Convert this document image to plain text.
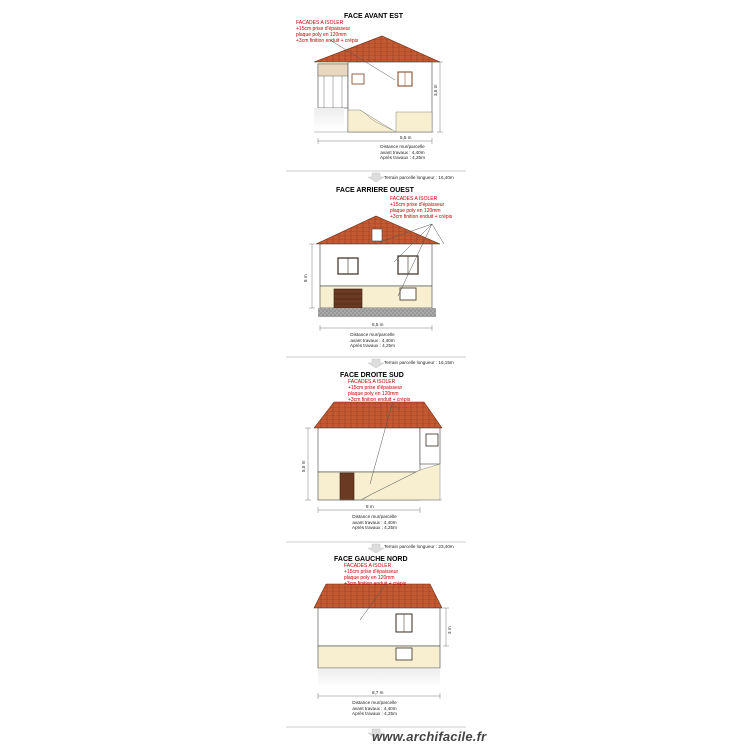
FACE AVANT EST
FACADES A ISOLER
+15cm prise d'épaisseur
plaque poly en 120mm
+3cm finition enduit + crépis
5,5 m
3,5 m
Distance mur/parcelle
avant travaux : 4,40m
Après travaux : 4,25m
Terrain parcelle longueur : 16,40m
FACE ARRIERE OUEST
FACADES A ISOLER
+15cm prise d'épaisseur
plaque poly en 120mm
+3cm finition enduit + crépis
6,5 m
8 m
Distance mur/parcelle
avant travaux : 4,40m
Après travaux : 4,25m
Terrain parcelle longueur : 16,15m
FACE DROITE SUD
FACADES A ISOLER
+15cm prise d'épaisseur
plaque poly en 120mm
+3cm finition enduit + crépis
8 m
5,5 m
Distance mur/parcelle
avant travaux : 4,40m
Après travaux : 4,25m
Terrain parcelle longueur : 23,40m
FACE GAUCHE NORD
FACADES A ISOLER
+15cm prise d'épaisseur
plaque poly en 120mm
+3cm finition enduit + crépis
8,7 m
3 m
Distance mur/parcelle
avant travaux : 4,40m
Après travaux : 4,25m
www.archifacile.fr
